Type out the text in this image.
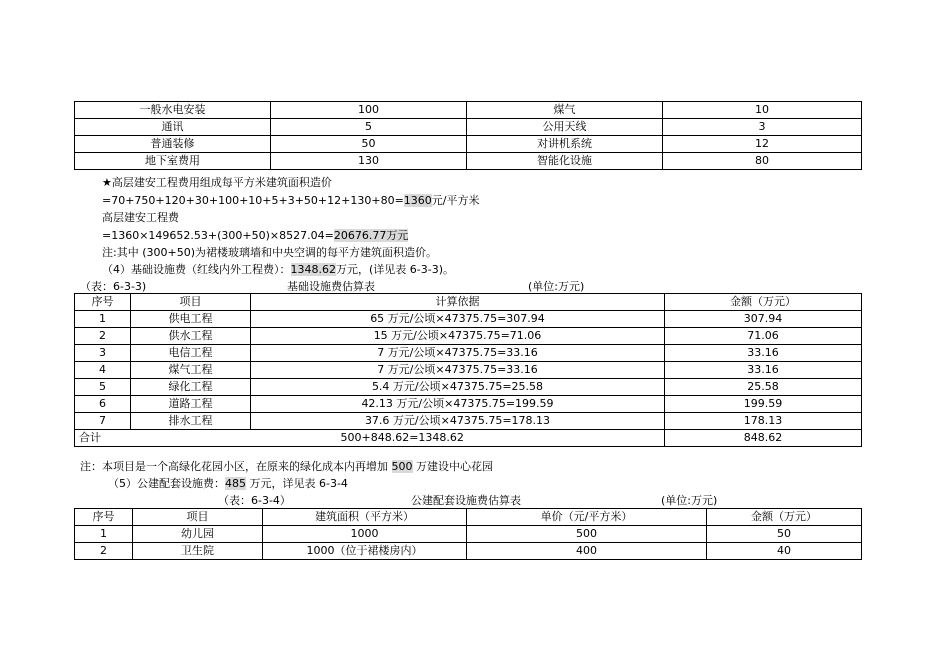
一般水电安装	100	煤气	10
通讯	5	公用天线	3
普通装修	50	对讲机系统	12
地下室费用	130	智能化设施	80
★高层建安工程费用组成每平方米建筑面积造价
=70+750+120+30+100+10+5+3+50+12+130+80=1360元/平方米
高层建安工程费
=1360×149652.53+(300+50)×8527.04=20676.77万元
注:其中 (300+50)为裙楼玻璃墙和中央空调的每平方建筑面积造价。
（4）基础设施费（红线内外工程费）：1348.62万元，(详见表 6-3-3)。
（表：6-3-3)	基础设施费估算表	(单位:万元)
序号	项目	计算依据	金额（万元）
1	供电工程	65 万元/公顷×47375.75=307.94	307.94
2	供水工程	15 万元/公顷×47375.75=71.06	71.06
3	电信工程	7 万元/公顷×47375.75=33.16	33.16
4	煤气工程	7 万元/公顷×47375.75=33.16	33.16
5	绿化工程	5.4 万元/公顷×47375.75=25.58	25.58
6	道路工程	42.13 万元/公顷×47375.75=199.59	199.59
7	排水工程	37.6 万元/公顷×47375.75=178.13	178.13
合计	500+848.62=1348.62		848.62
注：本项目是一个高绿化花园小区，在原来的绿化成本内再增加 500 万建设中心花园
（5）公建配套设施费：485 万元，详见表 6-3-4
（表：6-3-4）	公建配套设施费估算表	(单位:万元)
序号	项目	建筑面积（平方米）	单价（元/平方米）	金额（万元）
1	幼儿园	1000	500	50
2	卫生院	1000（位于裙楼房内）	400	40
